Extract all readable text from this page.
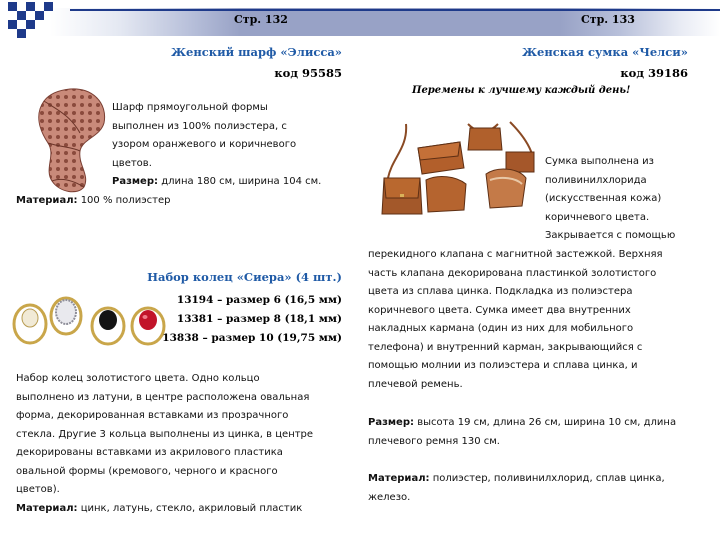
Стр. 132	Стр. 133
Женский шарф «Элисса»
код 95585
Шарф прямоугольной формы
выполнен из 100% полиэстера, с
узором оранжевого и коричневого
цветов.
Размер: длина 180 см, ширина 104 см.
Материал: 100 % полиэстер
Набор колец «Сиера» (4 шт.)
13194 – размер 6 (16,5 мм)
13381 – размер 8 (18,1 мм)
13838 – размер 10 (19,75 мм)
Набор колец золотистого цвета. Одно кольцо
выполнено из латуни, в центре расположена овальная
форма, декорированная вставками из прозрачного
стекла. Другие 3 кольца выполнены из цинка, в центре
декорированы вставками из акрилового пластика
овальной формы (кремового, черного и красного
цветов).
Материал: цинк, латунь, стекло, акриловый пластик
Женская сумка «Челси»
код 39186
Перемены к лучшему каждый день!
Сумка выполнена из
поливинилхлорида
(искусственная кожа)
коричневого цвета.
Закрывается с помощью
перекидного клапана с магнитной застежкой. Верхняя
часть клапана декорирована пластинкой золотистого
цвета из сплава цинка. Подкладка из полиэстера
коричневого цвета. Сумка имеет два внутренних
накладных кармана (один из них для мобильного
телефона) и внутренний карман, закрывающийся с
помощью молнии из полиэстера и сплава цинка, и
плечевой ремень.
Размер: высота 19 см, длина 26 см, ширина 10 см, длина
плечевого ремня 130 см.
Материал: полиэстер, поливинилхлорид, сплав цинка,
железо.
